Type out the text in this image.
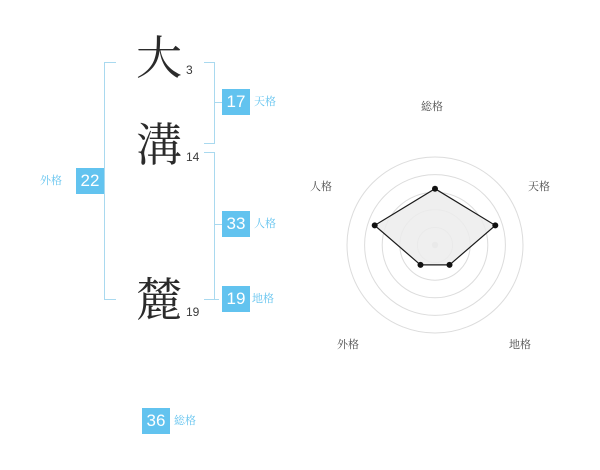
大 3
溝 14
麓 19
17 天格
33 人格
19 地格
外格 22
36 総格
総格
天格
地格
外格
人格
